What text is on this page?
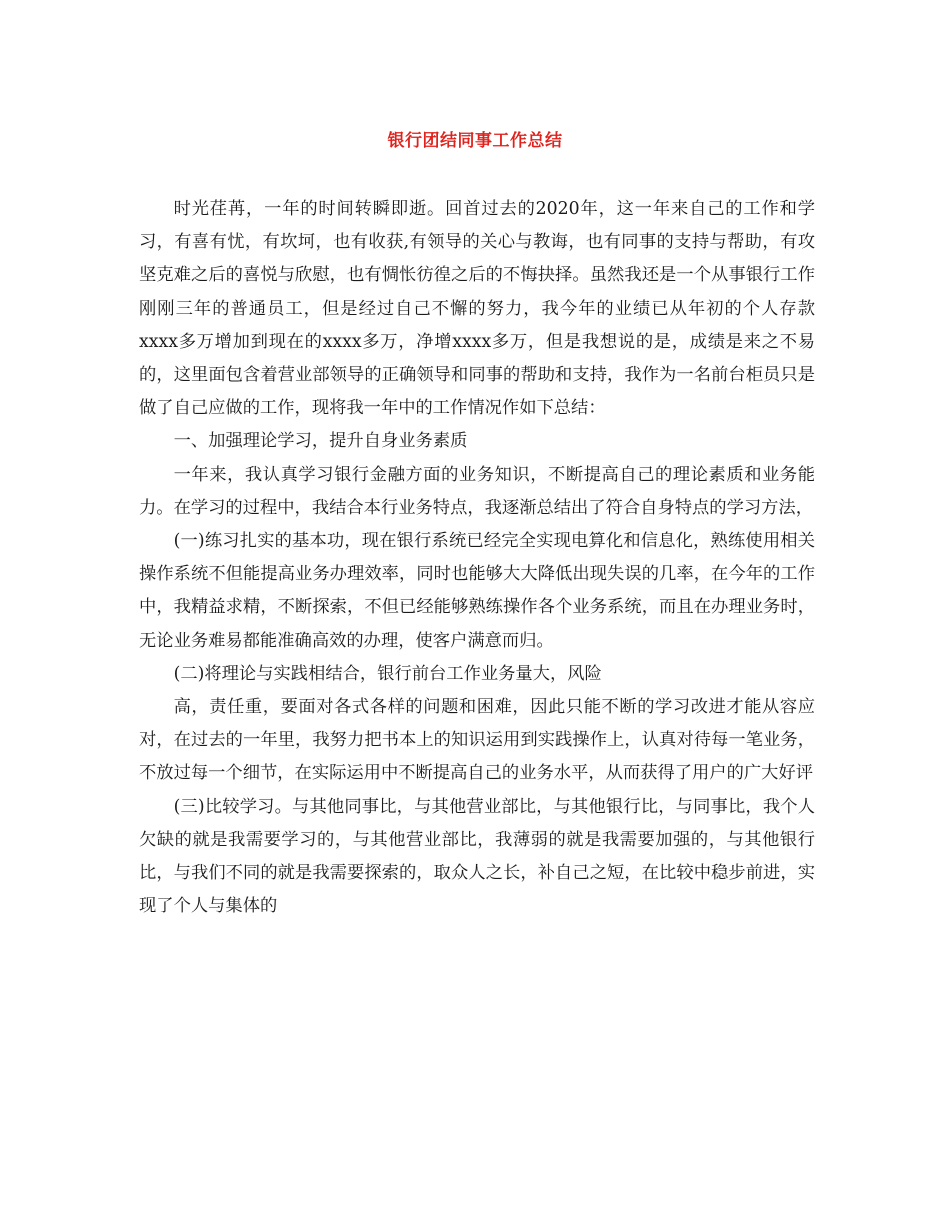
银行团结同事工作总结

时光荏苒，一年的时间转瞬即逝。回首过去的2020年，这一年来自己的工作和学习，有喜有忧，有坎坷，也有收获,有领导的关心与教诲，也有同事的支持与帮助，有攻坚克难之后的喜悦与欣慰，也有惆怅彷徨之后的不悔抉择。虽然我还是一个从事银行工作刚刚三年的普通员工，但是经过自己不懈的努力，我今年的业绩已从年初的个人存款xxxx多万增加到现在的xxxx多万，净增xxxx多万，但是我想说的是，成绩是来之不易的，这里面包含着营业部领导的正确领导和同事的帮助和支持，我作为一名前台柜员只是做了自己应做的工作，现将我一年中的工作情况作如下总结：

一、加强理论学习，提升自身业务素质

一年来，我认真学习银行金融方面的业务知识，不断提高自己的理论素质和业务能力。在学习的过程中，我结合本行业务特点，我逐渐总结出了符合自身特点的学习方法，

(一)练习扎实的基本功，现在银行系统已经完全实现电算化和信息化，熟练使用相关操作系统不但能提高业务办理效率，同时也能够大大降低出现失误的几率，在今年的工作中，我精益求精，不断探索，不但已经能够熟练操作各个业务系统，而且在办理业务时，无论业务难易都能准确高效的办理，使客户满意而归。

(二)将理论与实践相结合，银行前台工作业务量大，风险

高，责任重，要面对各式各样的问题和困难，因此只能不断的学习改进才能从容应对，在过去的一年里，我努力把书本上的知识运用到实践操作上，认真对待每一笔业务，不放过每一个细节，在实际运用中不断提高自己的业务水平，从而获得了用户的广大好评

(三)比较学习。与其他同事比，与其他营业部比，与其他银行比，与同事比，我个人欠缺的就是我需要学习的，与其他营业部比，我薄弱的就是我需要加强的，与其他银行比，与我们不同的就是我需要探索的，取众人之长，补自己之短，在比较中稳步前进，实现了个人与集体的
